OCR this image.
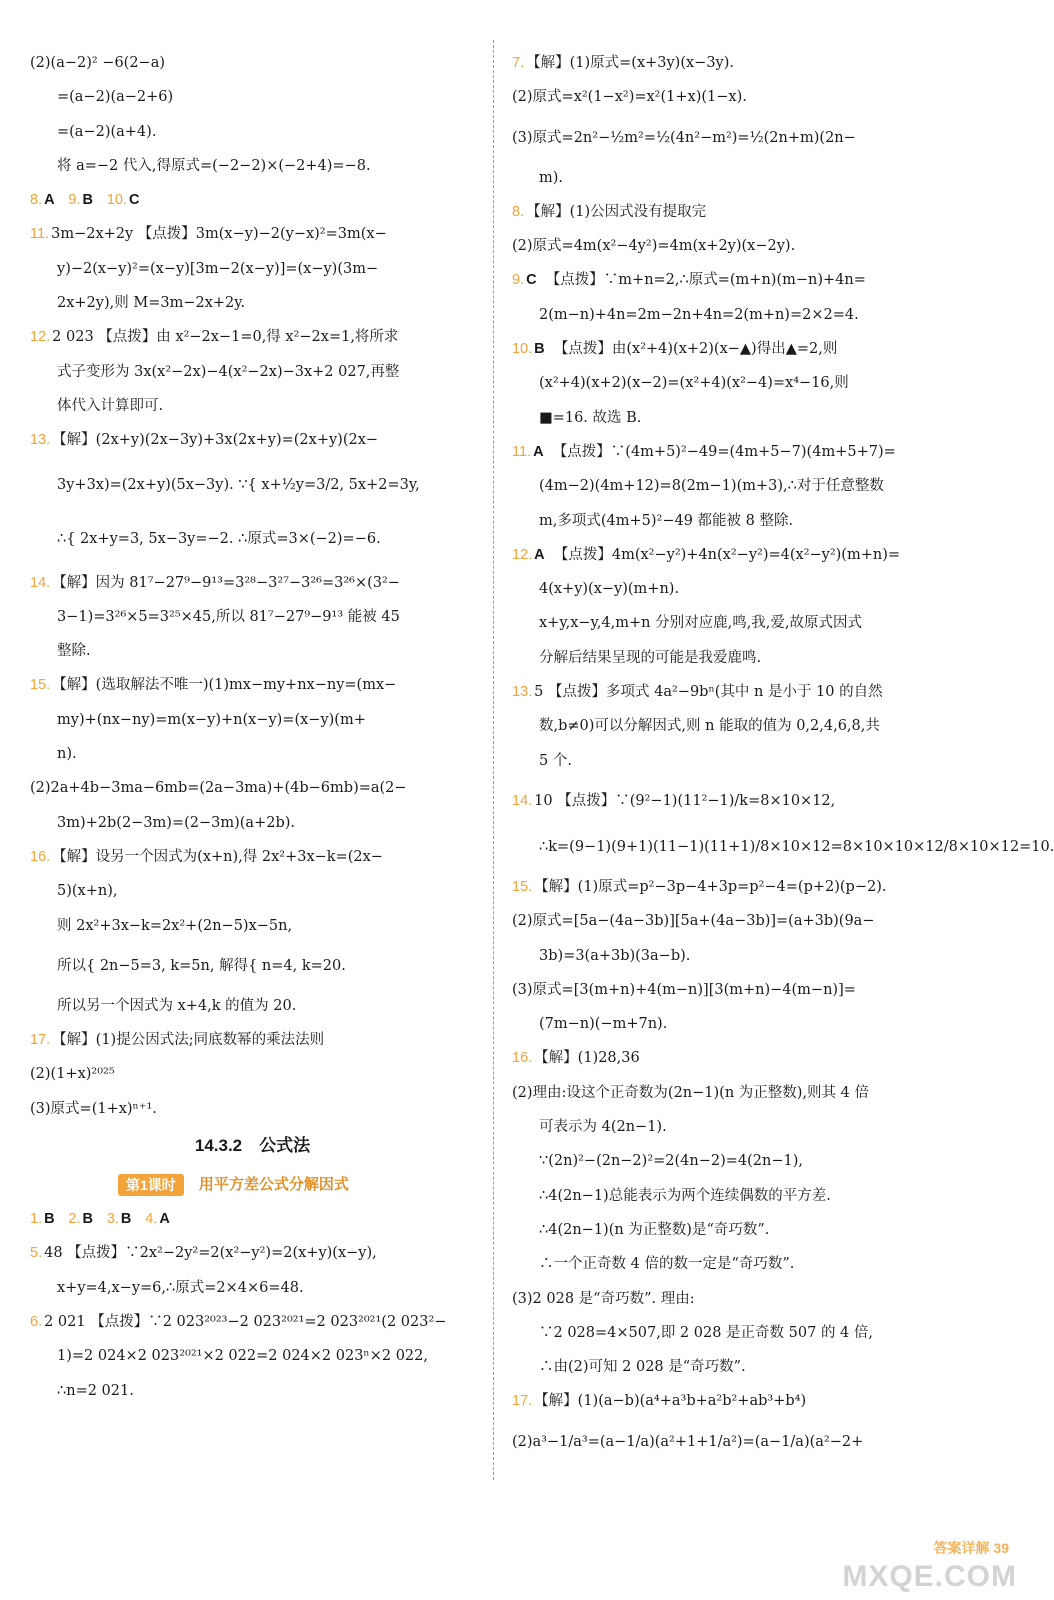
(2)(a−2)² −6(2−a)
=(a−2)(a−2+6)
=(a−2)(a+4).
将 a=−2 代入,得原式=(−2−2)×(−2+4)=−8.
8. A 9. B 10. C
11. 3m−2x+2y 【点拨】3m(x−y)−2(y−x)²=3m(x−
y)−2(x−y)²=(x−y)[3m−2(x−y)]=(x−y)(3m−
2x+2y),则 M=3m−2x+2y.
12. 2 023 【点拨】由 x²−2x−1=0,得 x²−2x=1,将所求
式子变形为 3x(x²−2x)−4(x²−2x)−3x+2 027,再整
体代入计算即可.
13. 【解】(2x+y)(2x−3y)+3x(2x+y)=(2x+y)(2x−
3y+3x)=(2x+y)(5x−3y). ∵{ x+½y=3/2, 5x+2=3y,
∴{ 2x+y=3, 5x−3y=−2. ∴原式=3×(−2)=−6.
14. 【解】因为 81⁷−27⁹−9¹³=3²⁸−3²⁷−3²⁶=3²⁶×(3²−
3−1)=3²⁶×5=3²⁵×45,所以 81⁷−27⁹−9¹³ 能被 45
整除.
15. 【解】(选取解法不唯一)(1)mx−my+nx−ny=(mx−
my)+(nx−ny)=m(x−y)+n(x−y)=(x−y)(m+
n).
(2)2a+4b−3ma−6mb=(2a−3ma)+(4b−6mb)=a(2−
3m)+2b(2−3m)=(2−3m)(a+2b).
16. 【解】设另一个因式为(x+n),得 2x²+3x−k=(2x−
5)(x+n),
则 2x²+3x−k=2x²+(2n−5)x−5n,
所以{ 2n−5=3, k=5n, 解得{ n=4, k=20.
所以另一个因式为 x+4,k 的值为 20.
17. 【解】(1)提公因式法;同底数幂的乘法法则
(2)(1+x)²⁰²⁵
(3)原式=(1+x)ⁿ⁺¹.
14.3.2　公式法
第1课时 用平方差公式分解因式
1. B 2. B 3. B 4. A
5. 48 【点拨】∵2x²−2y²=2(x²−y²)=2(x+y)(x−y),
x+y=4,x−y=6,∴原式=2×4×6=48.
6. 2 021 【点拨】∵2 023²⁰²³−2 023²⁰²¹=2 023²⁰²¹(2 023²−
1)=2 024×2 023²⁰²¹×2 022=2 024×2 023ⁿ×2 022,
∴n=2 021.
7. 【解】(1)原式=(x+3y)(x−3y).
(2)原式=x²(1−x²)=x²(1+x)(1−x).
(3)原式=2n²−½m²=½(4n²−m²)=½(2n+m)(2n−
m).
8. 【解】(1)公因式没有提取完
(2)原式=4m(x²−4y²)=4m(x+2y)(x−2y).
9. C 【点拨】∵m+n=2,∴原式=(m+n)(m−n)+4n=
2(m−n)+4n=2m−2n+4n=2(m+n)=2×2=4.
10. B 【点拨】由(x²+4)(x+2)(x−▲)得出▲=2,则
(x²+4)(x+2)(x−2)=(x²+4)(x²−4)=x⁴−16,则
■=16. 故选 B.
11. A 【点拨】∵(4m+5)²−49=(4m+5−7)(4m+5+7)=
(4m−2)(4m+12)=8(2m−1)(m+3),∴对于任意整数
m,多项式(4m+5)²−49 都能被 8 整除.
12. A 【点拨】4m(x²−y²)+4n(x²−y²)=4(x²−y²)(m+n)=
4(x+y)(x−y)(m+n).
x+y,x−y,4,m+n 分别对应鹿,鸣,我,爱,故原式因式
分解后结果呈现的可能是我爱鹿鸣.
13. 5 【点拨】多项式 4a²−9bⁿ(其中 n 是小于 10 的自然
数,b≠0)可以分解因式,则 n 能取的值为 0,2,4,6,8,共
5 个.
14. 10 【点拨】∵(9²−1)(11²−1)/k=8×10×12,
∴k=(9−1)(9+1)(11−1)(11+1)/8×10×12=8×10×10×12/8×10×12=10.
15. 【解】(1)原式=p²−3p−4+3p=p²−4=(p+2)(p−2).
(2)原式=[5a−(4a−3b)][5a+(4a−3b)]=(a+3b)(9a−
3b)=3(a+3b)(3a−b).
(3)原式=[3(m+n)+4(m−n)][3(m+n)−4(m−n)]=
(7m−n)(−m+7n).
16. 【解】(1)28,36
(2)理由:设这个正奇数为(2n−1)(n 为正整数),则其 4 倍
可表示为 4(2n−1).
∵(2n)²−(2n−2)²=2(4n−2)=4(2n−1),
∴4(2n−1)总能表示为两个连续偶数的平方差.
∴4(2n−1)(n 为正整数)是“奇巧数”.
∴一个正奇数 4 倍的数一定是“奇巧数”.
(3)2 028 是“奇巧数”. 理由:
∵2 028=4×507,即 2 028 是正奇数 507 的 4 倍,
∴由(2)可知 2 028 是“奇巧数”.
17. 【解】(1)(a−b)(a⁴+a³b+a²b²+ab³+b⁴)
(2)a³−1/a³=(a−1/a)(a²+1+1/a²)=(a−1/a)(a²−2+
答案详解 39
MXQE.COM
